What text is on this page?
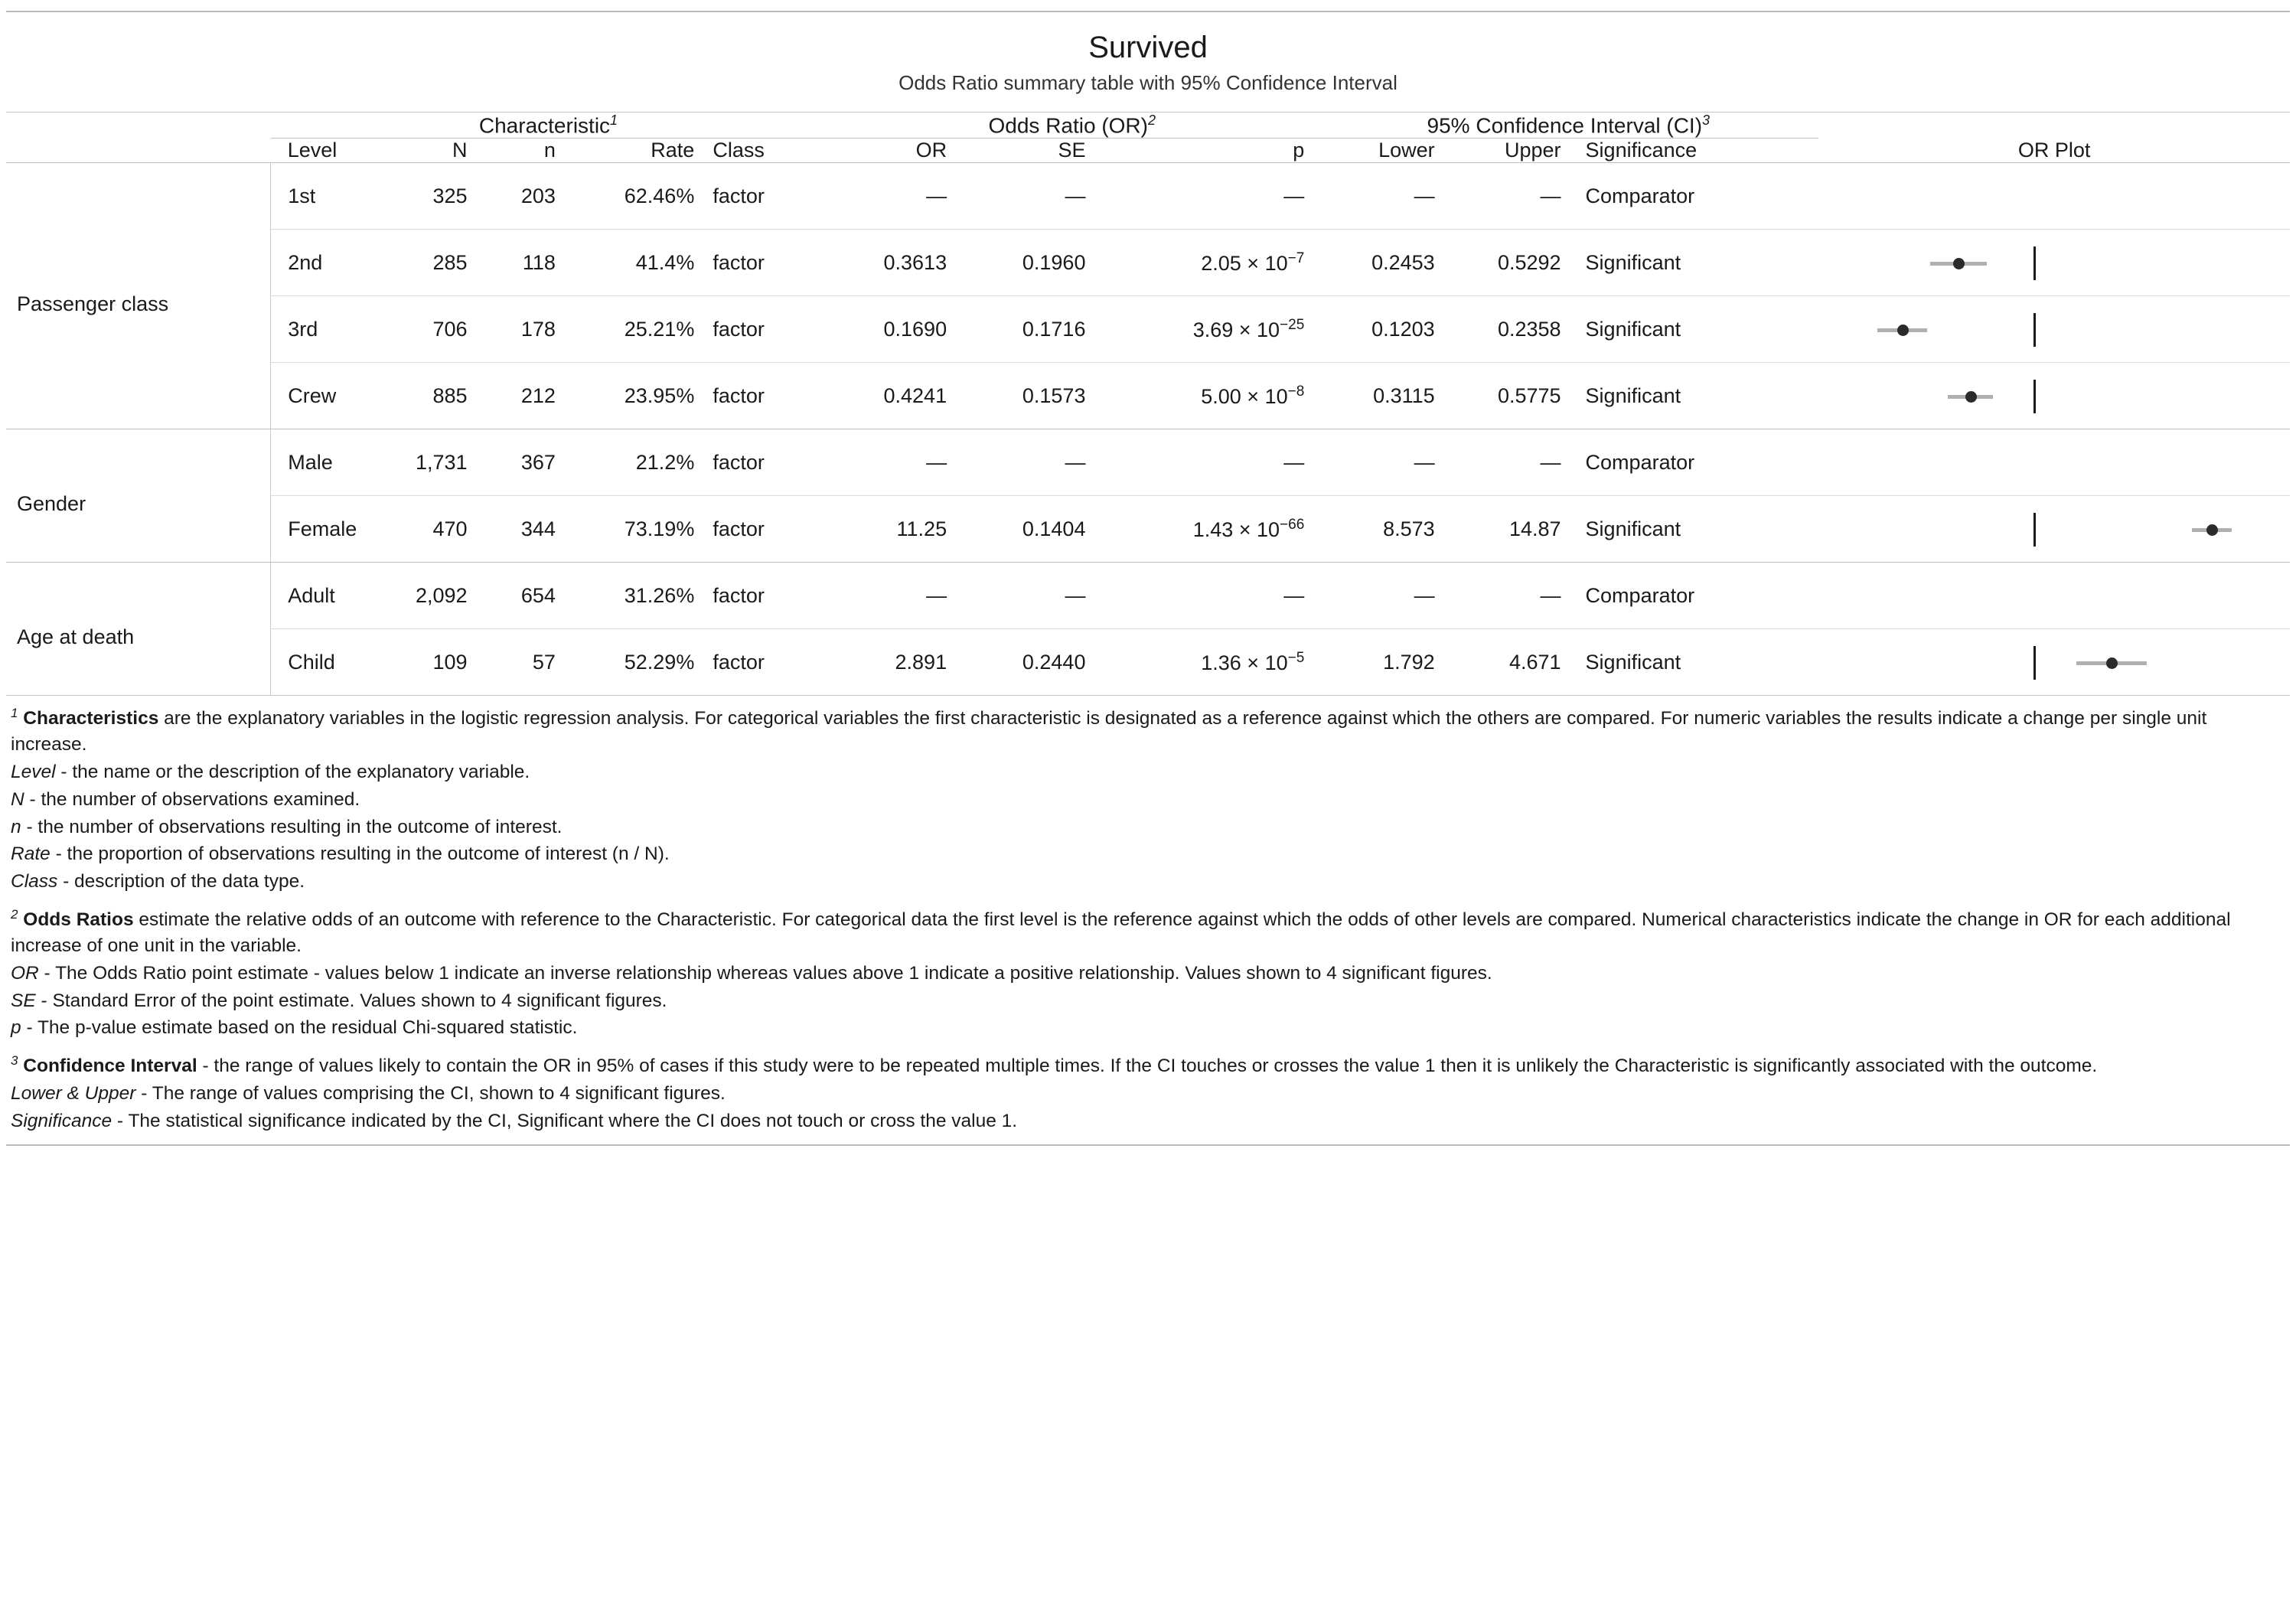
Survived
Odds Ratio summary table with 95% Confidence Interval
	Characteristic$^1$					Odds Ratio (OR)$^2$			95% Confidence Interval (CI)$^3$	
	Level	N	n	Rate	Class	OR	SE	p	Lower	Upper	Significance	OR Plot
Passenger class	1st	325	203	62.46%	factor	—	—	—	—	—	Comparator	

	2nd	285	118	41.4%	factor	0.3613	0.1960	$2.05 \times 10^{-7}$	0.2453	0.5292	Significant	

	3rd	706	178	25.21%	factor	0.1690	0.1716	$3.69 \times 10^{-25}$	0.1203	0.2358	Significant	

	Crew	885	212	23.95%	factor	0.4241	0.1573	$5.00 \times 10^{-8}$	0.3115	0.5775	Significant	

Gender	Male	1,731	367	21.2%	factor	—	—	—	—	—	Comparator	

	Female	470	344	73.19%	factor	11.25	0.1404	$1.43 \times 10^{-66}$	8.573	14.87	Significant	

Age at death	Adult	2,092	654	31.26%	factor	—	—	—	—	—	Comparator	

	Child	109	57	52.29%	factor	2.891	0.2440	$1.36 \times 10^{-5}$	1.792	4.671	Significant	
$^1$ Characteristics are the explanatory variables in the logistic regression analysis. For categorical variables the first characteristic is designated as a reference against which the others are compared. For numeric variables the results indicate a change per single unit increase.
Level - the name or the description of the explanatory variable.
N - the number of observations examined.
n - the number of observations resulting in the outcome of interest.
Rate - the proportion of observations resulting in the outcome of interest (n / N).
Class - description of the data type.
$^2$ Odds Ratios estimate the relative odds of an outcome with reference to the Characteristic. For categorical data the first level is the reference against which the odds of other levels are compared. Numerical characteristics indicate the change in OR for each additional increase of one unit in the variable.
OR - The Odds Ratio point estimate - values below 1 indicate an inverse relationship whereas values above 1 indicate a positive relationship. Values shown to 4 significant figures.
SE - Standard Error of the point estimate. Values shown to 4 significant figures.
p - The p-value estimate based on the residual Chi-squared statistic.
$^3$ Confidence Interval - the range of values likely to contain the OR in 95% of cases if this study were to be repeated multiple times. If the CI touches or crosses the value 1 then it is unlikely the Characteristic is significantly associated with the outcome.
Lower & Upper - The range of values comprising the CI, shown to 4 significant figures.
Significance - The statistical significance indicated by the CI, Significant where the CI does not touch or cross the value 1.
